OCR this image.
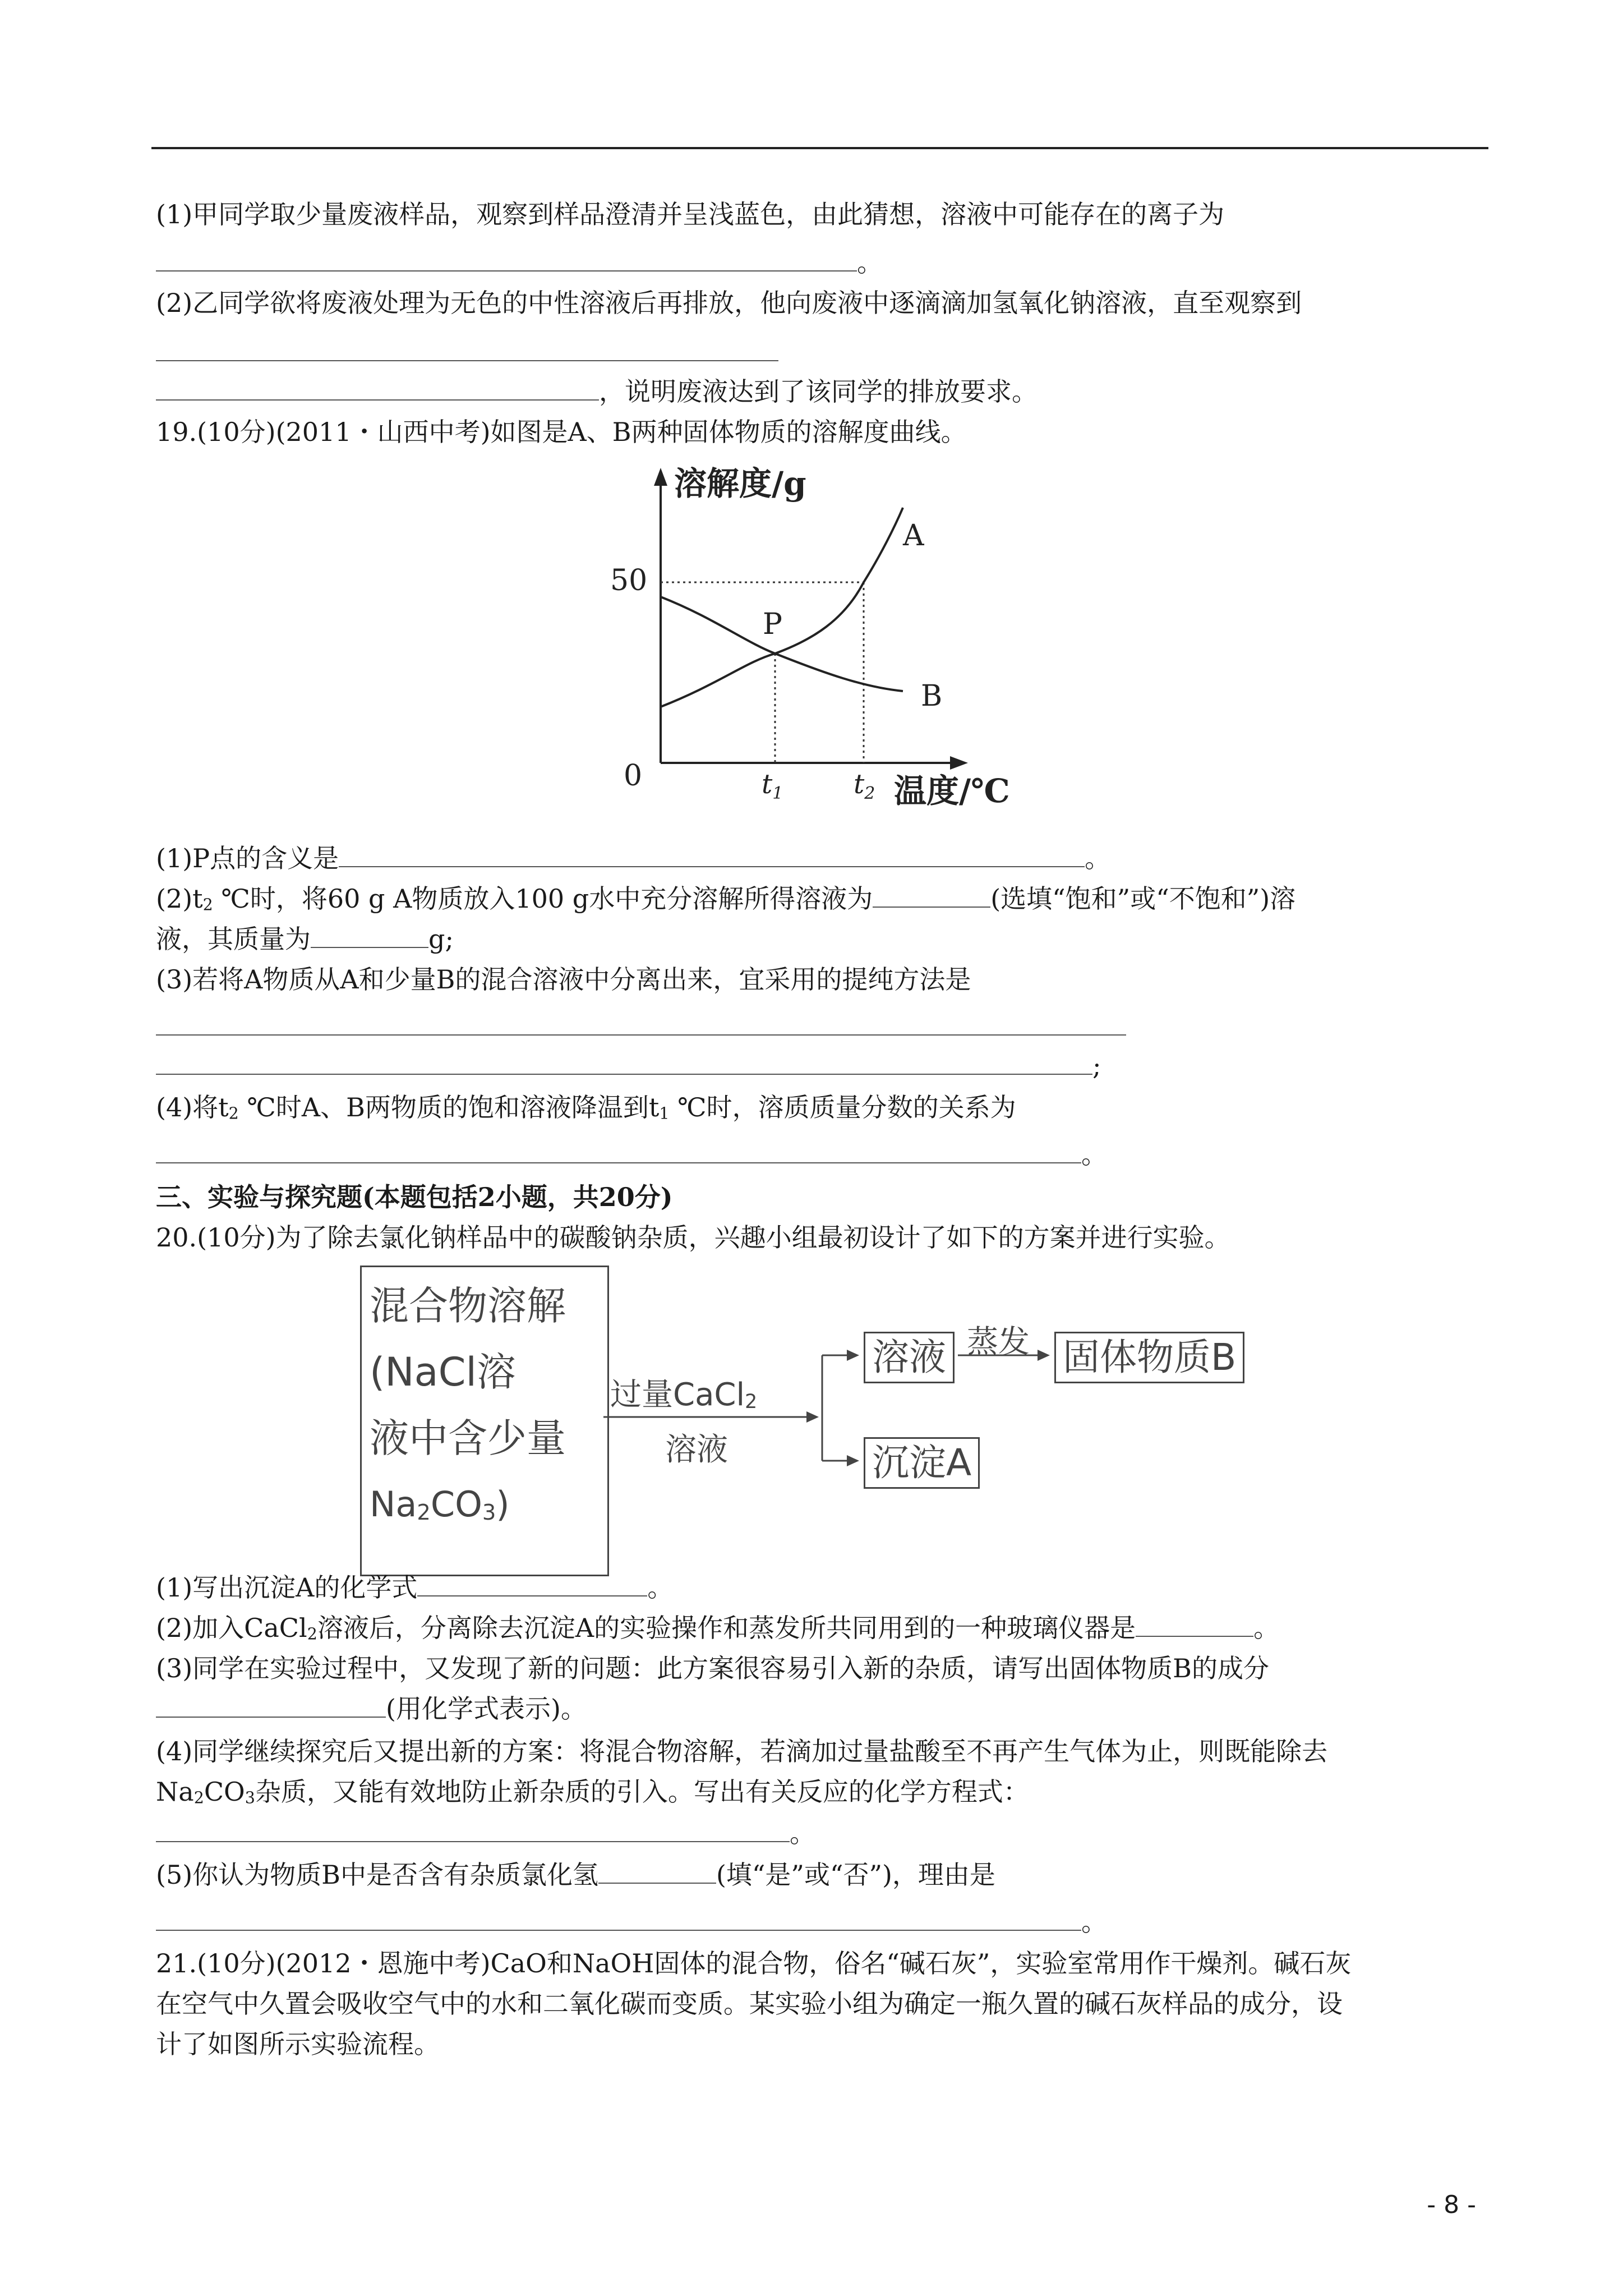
(1)甲同学取少量废液样品，观察到样品澄清并呈浅蓝色，由此猜想，溶液中可能存在的离子为
。
(2)乙同学欲将废液处理为无色的中性溶液后再排放，他向废液中逐滴滴加氢氧化钠溶液，直至观察到
，说明废液达到了该同学的排放要求。
19.(10分)(2011・山西中考)如图是A、B两种固体物质的溶解度曲线。
溶解度/g
50
0
A
B
P
$t_1$	$t_2$ 温度/℃
(1)P点的含义是	。
$(2)t_2$ ℃时，将60 g A物质放入100 g水中充分溶解所得溶液为	(选填“饱和”或“不饱和”)溶
液，其质量为	g;
(3)若将A物质从A和少量B的混合溶液中分离出来，宜采用的提纯方法是
;
(4)将$t_2$ ℃时A、B两物质的饱和溶液降温到$t_1$ ℃时，溶质质量分数的关系为
。
三、实验与探究题(本题包括2小题，共20分)
20.(10分)为了除去氯化钠样品中的碳酸钠杂质，兴趣小组最初设计了如下的方案并进行实验。
混合物溶解
(NaCl溶
液中含少量
$Na_2CO_3$)
过量CaCl$_2$
溶液
溶液 蒸发 固体物质B
沉淀A
(1)写出沉淀A的化学式	。
(2)加入CaCl$_2$溶液后，分离除去沉淀A的实验操作和蒸发所共同用到的一种玻璃仪器是	。
(3)同学在实验过程中，又发现了新的问题：此方案很容易引入新的杂质，请写出固体物质B的成分
(用化学式表示)。
(4)同学继续探究后又提出新的方案：将混合物溶解，若滴加过量盐酸至不再产生气体为止，则既能除去
$Na_2CO_3$杂质，又能有效地防止新杂质的引入。写出有关反应的化学方程式：
。
(5)你认为物质B中是否含有杂质氯化氢	(填“是”或“否”)，理由是
。
21.(10分)(2012・恩施中考)CaO和NaOH固体的混合物，俗名“碱石灰”，实验室常用作干燥剂。碱石灰
在空气中久置会吸收空气中的水和二氧化碳而变质。某实验小组为确定一瓶久置的碱石灰样品的成分，设
计了如图所示实验流程。
- 8 -
